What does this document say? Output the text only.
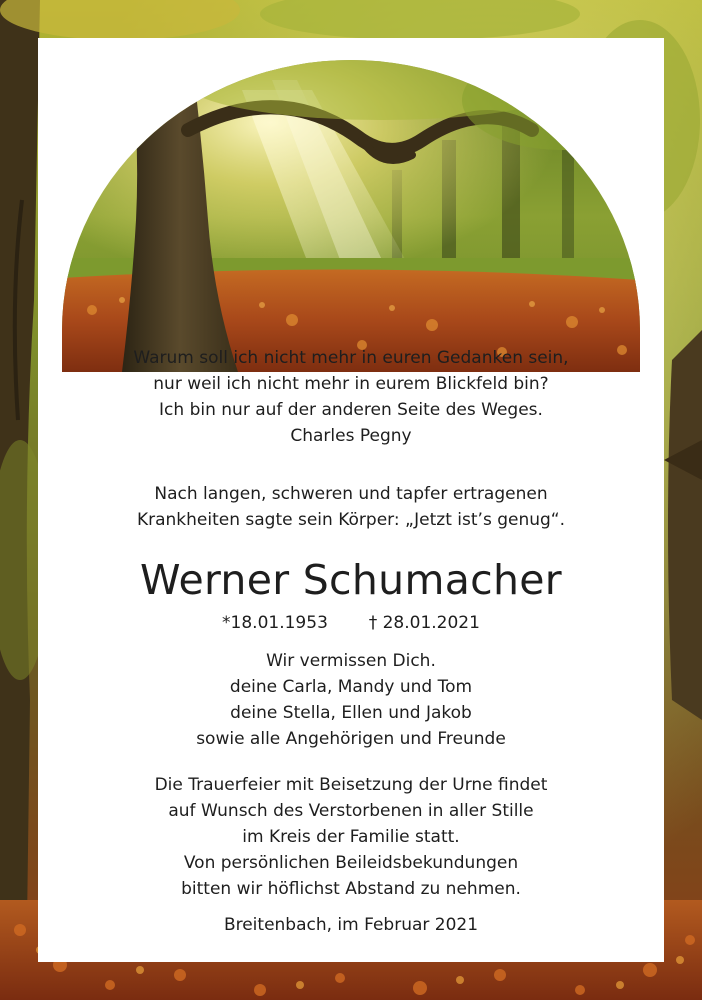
Warum soll ich nicht mehr in euren Gedanken sein,
nur weil ich nicht mehr in eurem Blickfeld bin?
Ich bin nur auf der anderen Seite des Weges.
Charles Pegny
Nach langen, schweren und tapfer ertragenen
Krankheiten sagte sein Körper: „Jetzt ist’s genug“.
Werner Schumacher
*18.01.1953 † 28.01.2021
Wir vermissen Dich.
deine Carla, Mandy und Tom
deine Stella, Ellen und Jakob
sowie alle Angehörigen und Freunde
Die Trauerfeier mit Beisetzung der Urne findet
auf Wunsch des Verstorbenen in aller Stille
im Kreis der Familie statt.
Von persönlichen Beileidsbekundungen
bitten wir höflichst Abstand zu nehmen.
Breitenbach, im Februar 2021
